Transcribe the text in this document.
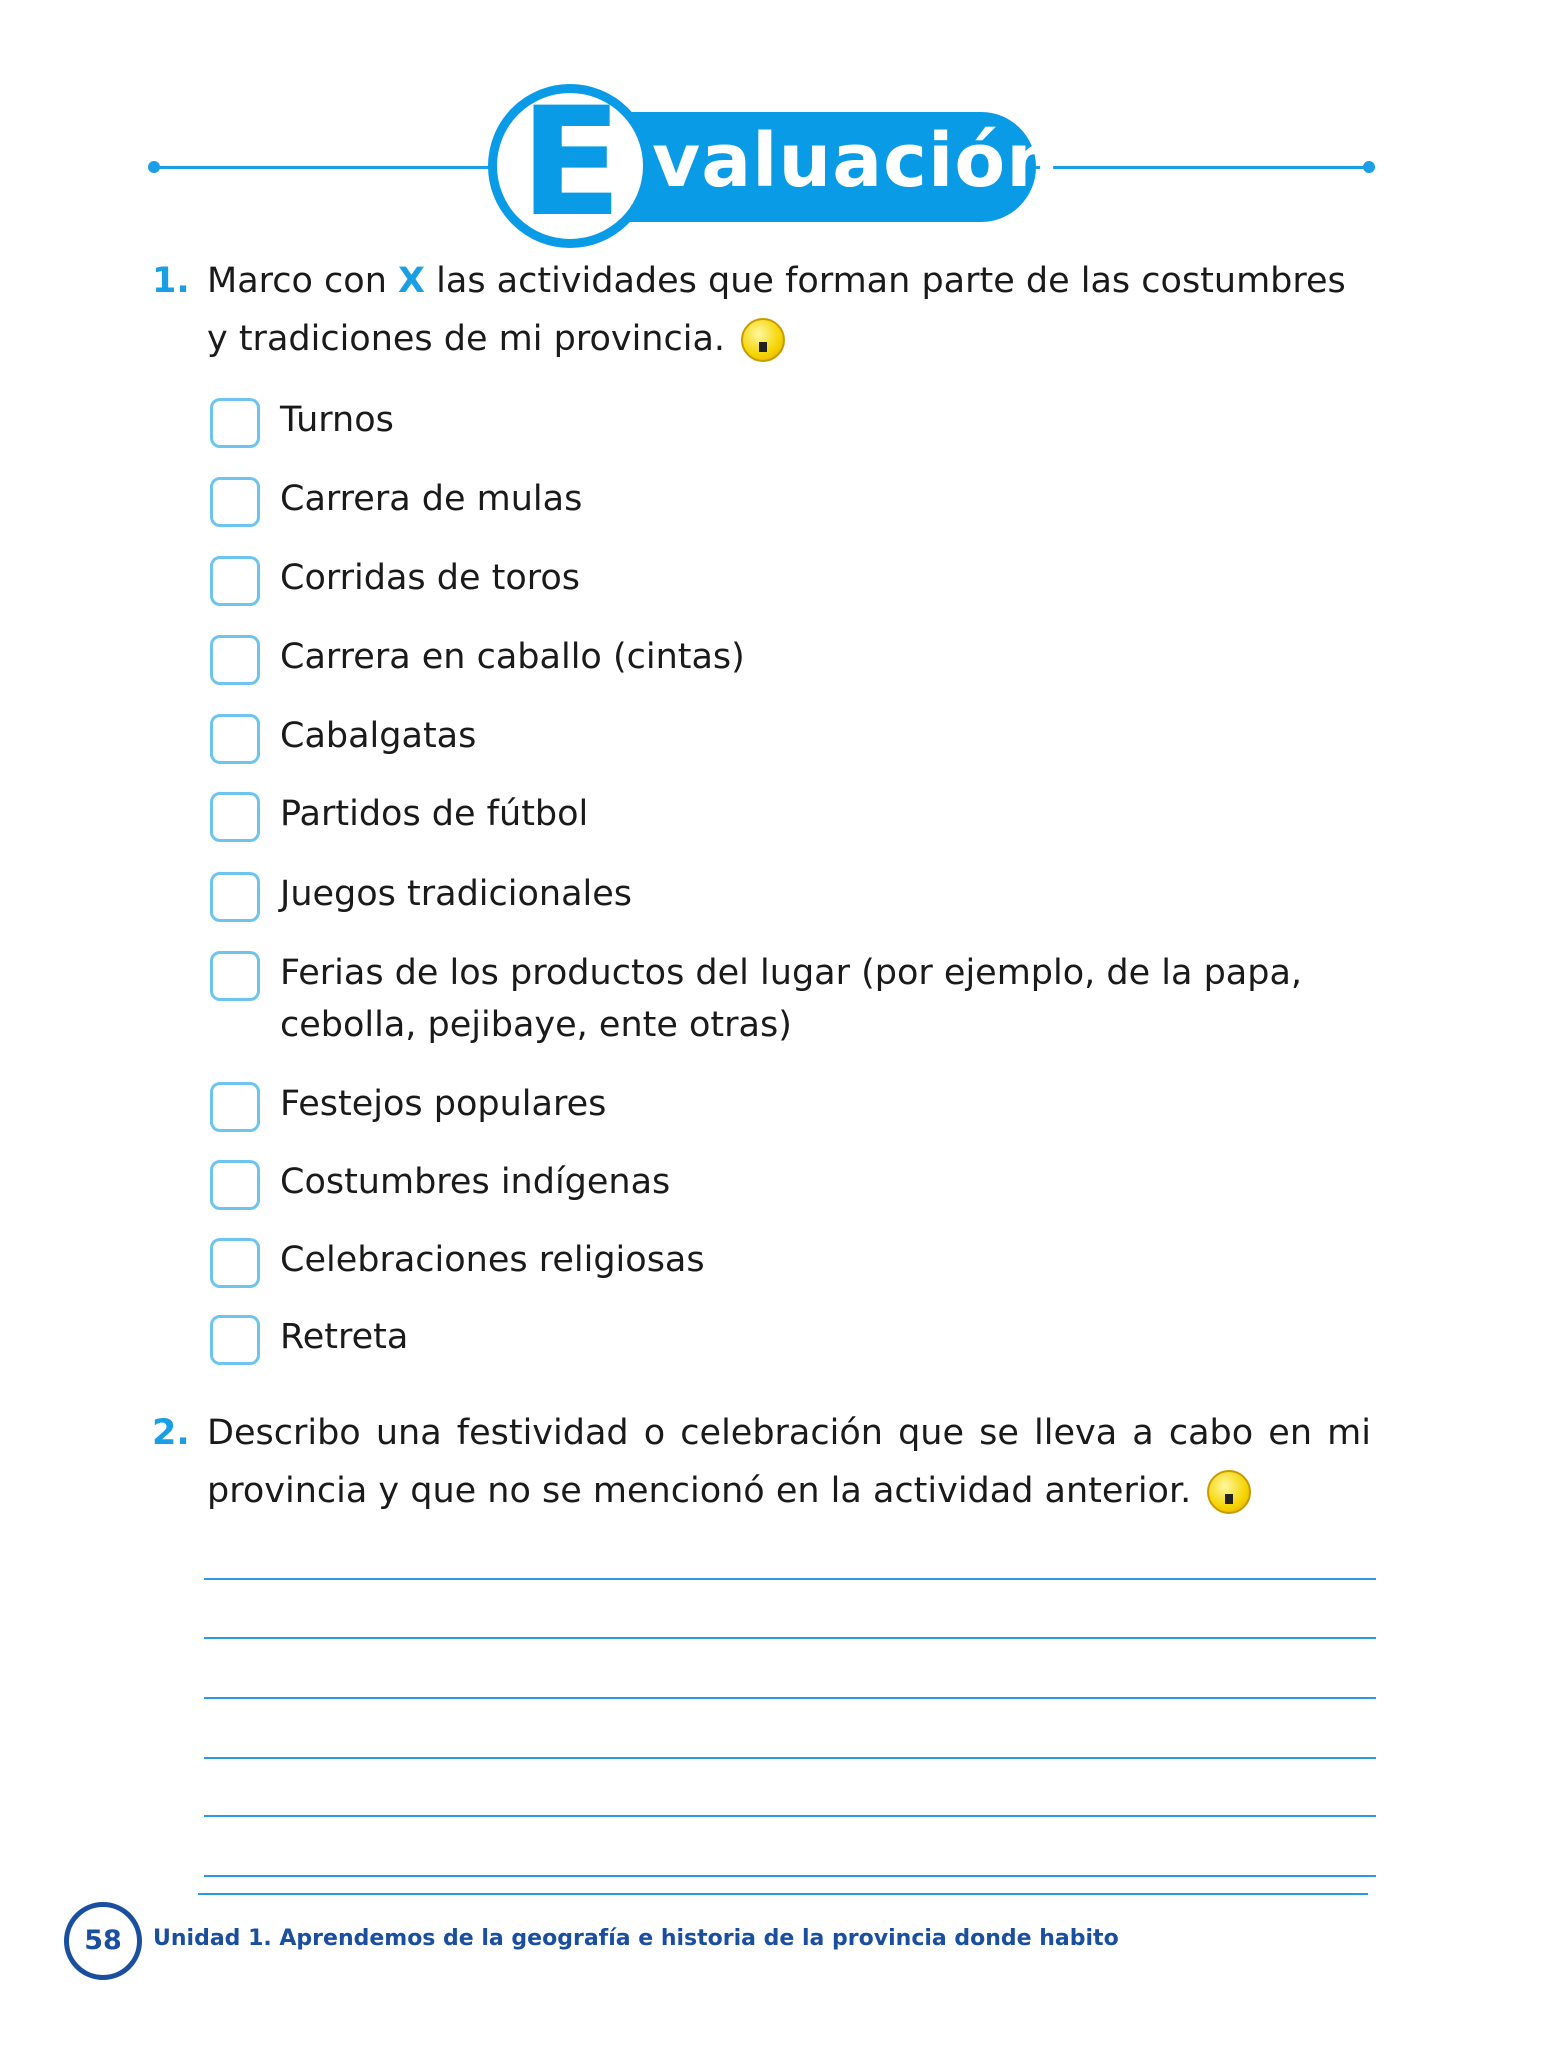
valuación
E
1. Marco con X las actividades que forman parte de las costumbres
y tradiciones de mi provincia.
Turnos
Carrera de mulas
Corridas de toros
Carrera en caballo (cintas)
Cabalgatas
Partidos de fútbol
Juegos tradicionales
Ferias de los productos del lugar (por ejemplo, de la papa,
cebolla, pejibaye, ente otras)
Festejos populares
Costumbres indígenas
Celebraciones religiosas
Retreta
2. Describo una festividad o celebración que se lleva a cabo en mi
provincia y que no se mencionó en la actividad anterior.
58	Unidad 1. Aprendemos de la geografía e historia de la provincia donde habito
